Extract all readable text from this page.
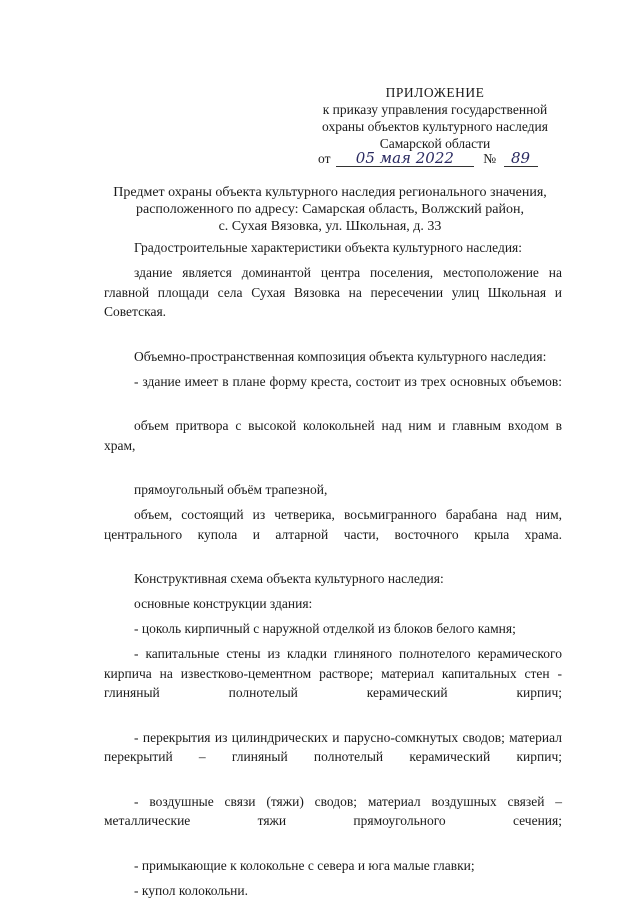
ПРИЛОЖЕНИЕ
к приказу управления государственной
охраны объектов культурного наследия
Самарской области
от 05 мая 2022 № 89
Предмет охраны объекта культурного наследия регионального значения,
расположенного по адресу: Самарская область, Волжский район,
с. Сухая Вязовка, ул. Школьная, д. 33

Градостроительные характеристики объекта культурного наследия:

здание является доминантой центра поселения, местоположение на главной площади села Сухая Вязовка на пересечении улиц Школьная и Советская.

Объемно-пространственная композиция объекта культурного наследия:

- здание имеет в плане форму креста, состоит из трех основных объемов:

объем притвора с высокой колокольней над ним и главным входом в храм,

прямоугольный объём трапезной,

объем, состоящий из четверика, восьмигранного барабана над ним, центрального купола и алтарной части, восточного крыла храма.

Конструктивная схема объекта культурного наследия:

основные конструкции здания:

- цоколь кирпичный с наружной отделкой из блоков белого камня;

- капитальные стены из кладки глиняного полнотелого керамического кирпича на известково-цементном растворе; материал капитальных стен - глиняный полнотелый керамический кирпич;

- перекрытия из цилиндрических и парусно-сомкнутых сводов; материал перекрытий – глиняный полнотелый керамический кирпич;

- воздушные связи (тяжи) сводов; материал воздушных связей – металлические тяжи прямоугольного сечения;

- примыкающие к колокольне с севера и юга малые главки;

- купол колокольни.
